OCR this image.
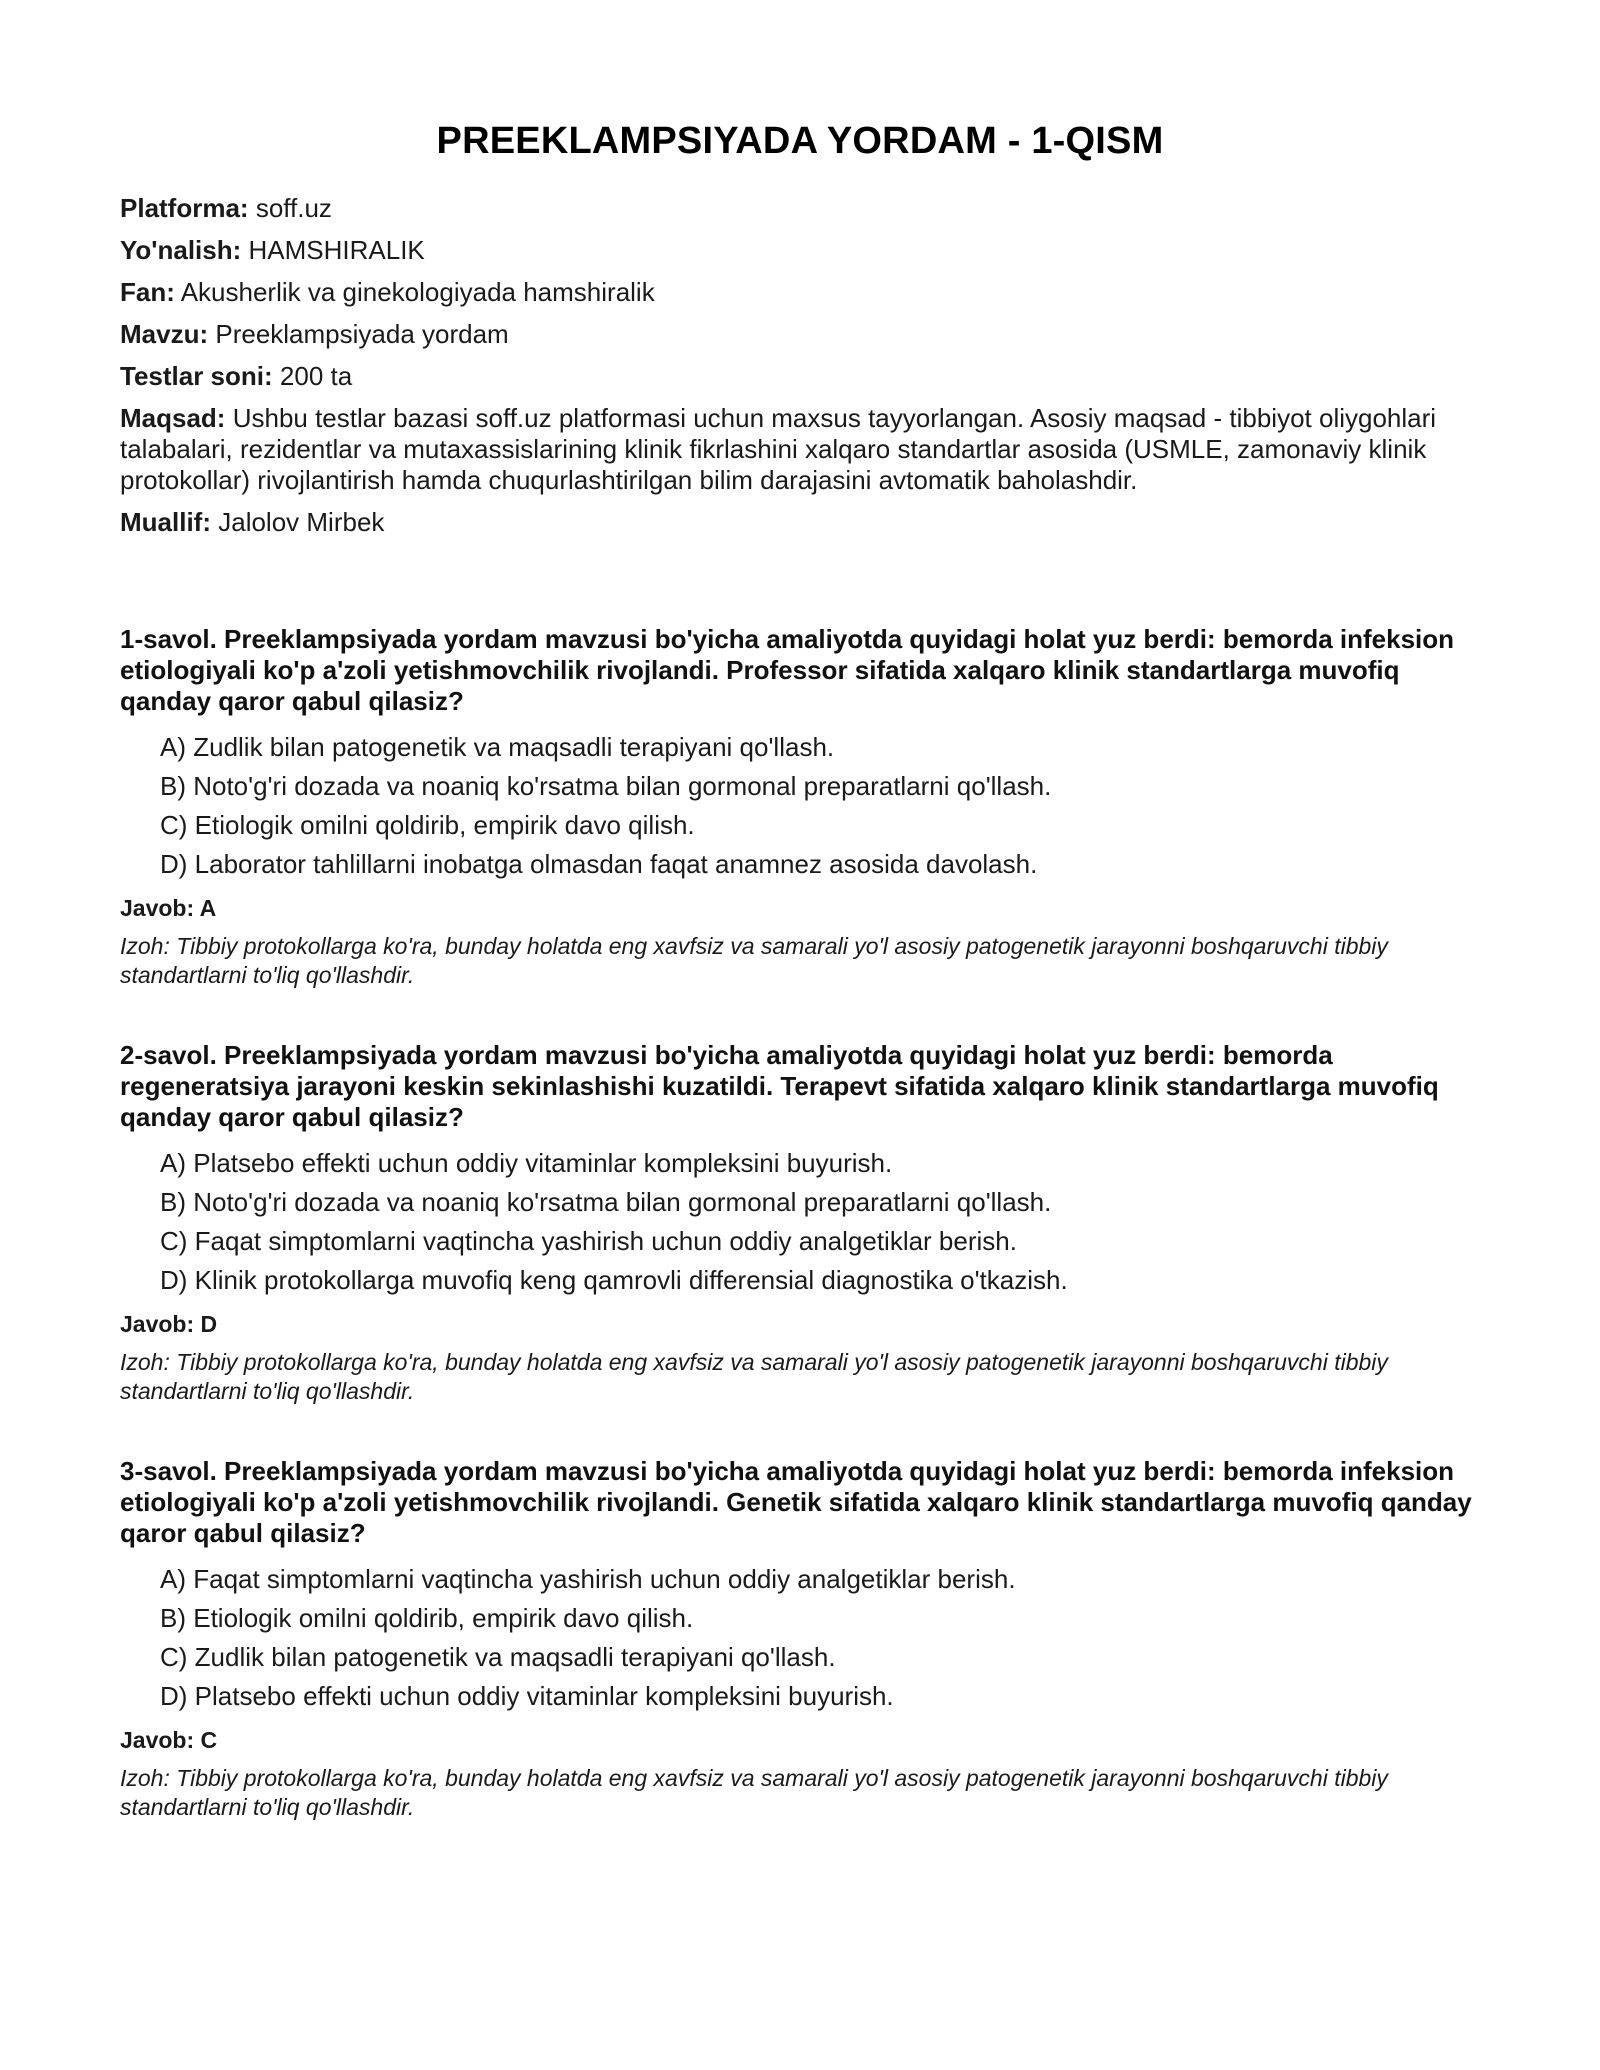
PREEKLAMPSIYADA YORDAM - 1-QISM

Platforma: soff.uz

Yo'nalish: HAMSHIRALIK

Fan: Akusherlik va ginekologiyada hamshiralik

Mavzu: Preeklampsiyada yordam

Testlar soni: 200 ta

Maqsad: Ushbu testlar bazasi soff.uz platformasi uchun maxsus tayyorlangan. Asosiy maqsad - tibbiyot oliygohlari talabalari, rezidentlar va mutaxassislarining klinik fikrlashini xalqaro standartlar asosida (USMLE, zamonaviy klinik protokollar) rivojlantirish hamda chuqurlashtirilgan bilim darajasini avtomatik baholashdir.

Muallif: Jalolov Mirbek

1-savol. Preeklampsiyada yordam mavzusi bo'yicha amaliyotda quyidagi holat yuz berdi: bemorda infeksion etiologiyali ko'p a'zoli yetishmovchilik rivojlandi. Professor sifatida xalqaro klinik standartlarga muvofiq qanday qaror qabul qilasiz?

A) Zudlik bilan patogenetik va maqsadli terapiyani qo'llash.
B) Noto'g'ri dozada va noaniq ko'rsatma bilan gormonal preparatlarni qo'llash.
C) Etiologik omilni qoldirib, empirik davo qilish.
D) Laborator tahlillarni inobatga olmasdan faqat anamnez asosida davolash.

Javob: A

Izoh: Tibbiy protokollarga ko'ra, bunday holatda eng xavfsiz va samarali yo'l asosiy patogenetik jarayonni boshqaruvchi tibbiy standartlarni to'liq qo'llashdir.

2-savol. Preeklampsiyada yordam mavzusi bo'yicha amaliyotda quyidagi holat yuz berdi: bemorda regeneratsiya jarayoni keskin sekinlashishi kuzatildi. Terapevt sifatida xalqaro klinik standartlarga muvofiq qanday qaror qabul qilasiz?

A) Platsebo effekti uchun oddiy vitaminlar kompleksini buyurish.
B) Noto'g'ri dozada va noaniq ko'rsatma bilan gormonal preparatlarni qo'llash.
C) Faqat simptomlarni vaqtincha yashirish uchun oddiy analgetiklar berish.
D) Klinik protokollarga muvofiq keng qamrovli differensial diagnostika o'tkazish.

Javob: D

Izoh: Tibbiy protokollarga ko'ra, bunday holatda eng xavfsiz va samarali yo'l asosiy patogenetik jarayonni boshqaruvchi tibbiy standartlarni to'liq qo'llashdir.

3-savol. Preeklampsiyada yordam mavzusi bo'yicha amaliyotda quyidagi holat yuz berdi: bemorda infeksion etiologiyali ko'p a'zoli yetishmovchilik rivojlandi. Genetik sifatida xalqaro klinik standartlarga muvofiq qanday qaror qabul qilasiz?

A) Faqat simptomlarni vaqtincha yashirish uchun oddiy analgetiklar berish.
B) Etiologik omilni qoldirib, empirik davo qilish.
C) Zudlik bilan patogenetik va maqsadli terapiyani qo'llash.
D) Platsebo effekti uchun oddiy vitaminlar kompleksini buyurish.

Javob: C

Izoh: Tibbiy protokollarga ko'ra, bunday holatda eng xavfsiz va samarali yo'l asosiy patogenetik jarayonni boshqaruvchi tibbiy standartlarni to'liq qo'llashdir.
